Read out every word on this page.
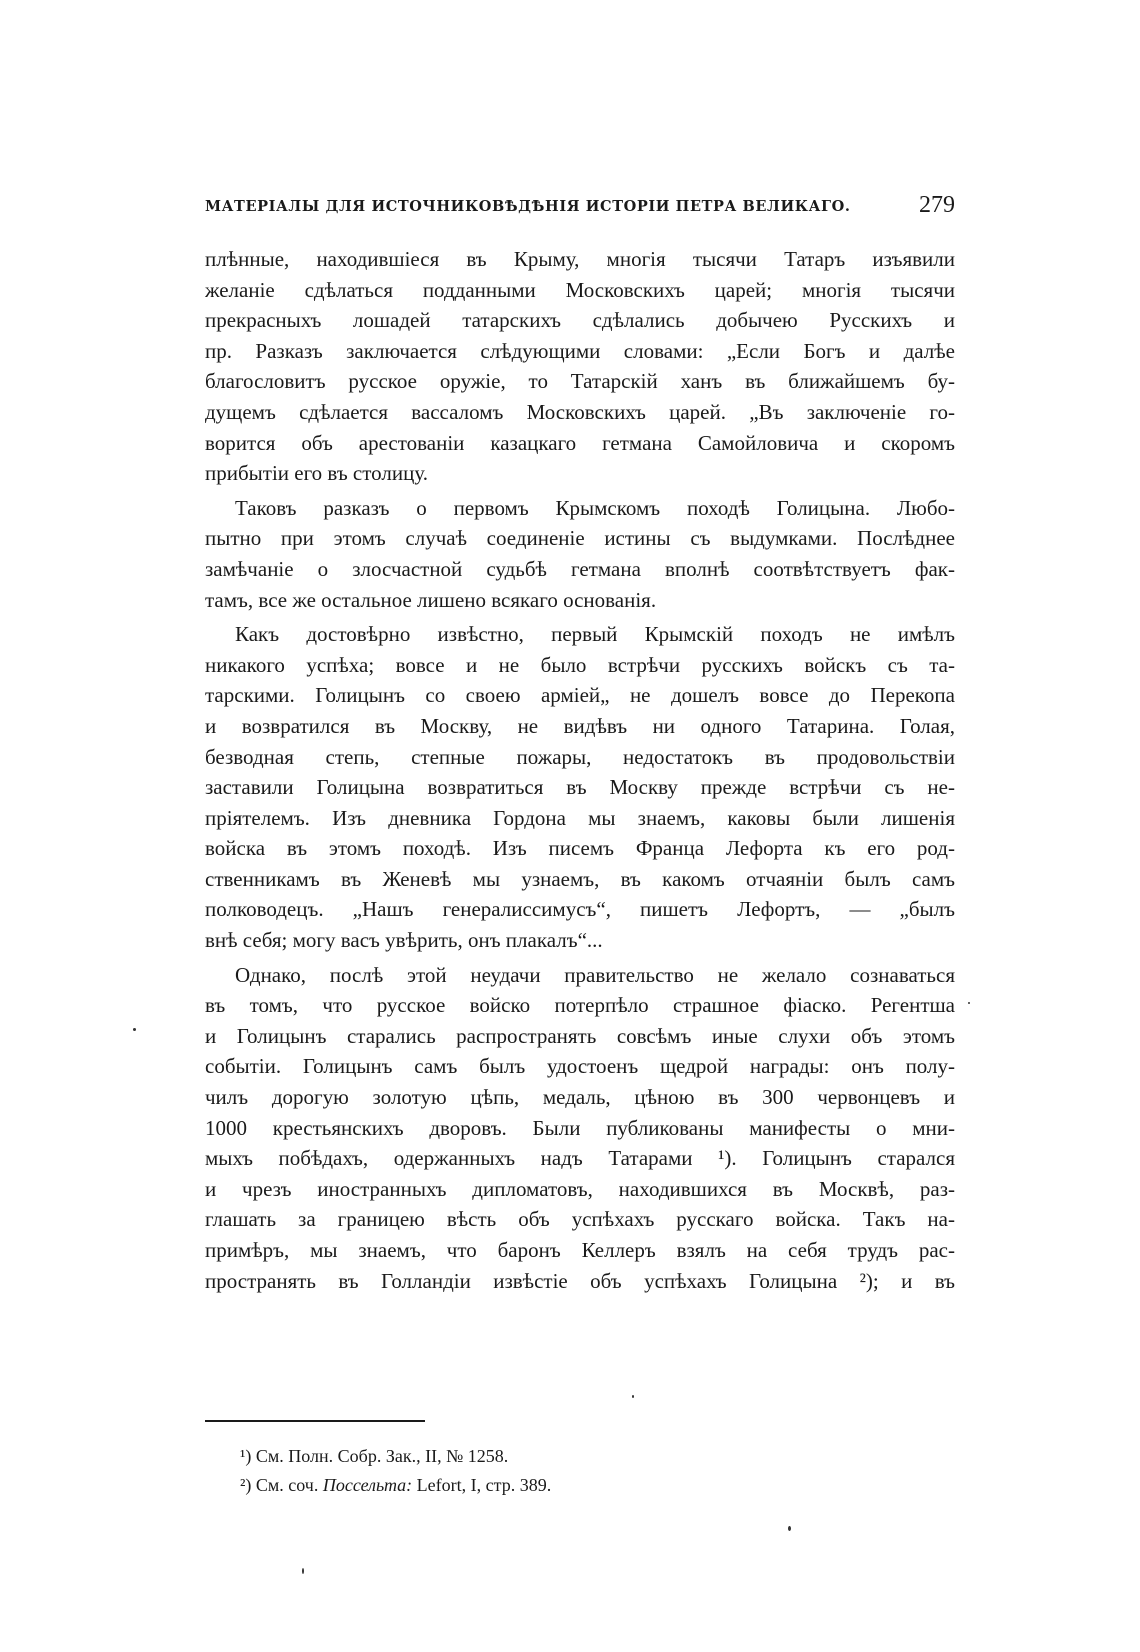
МАТЕРІАЛЫ ДЛЯ ИСТОЧНИКОВѢДѢНІЯ ИСТОРІИ ПЕТРА ВЕЛИКАГО.	279
плѣнные, находившіеся въ Крыму, многія тысячи Татаръ изъявили
желаніе сдѣлаться подданными Московскихъ царей; многія тысячи
прекрасныхъ лошадей татарскихъ сдѣлались добычею Русскихъ и
пр. Разказъ заключается слѣдующими словами: „Если Богъ и далѣе
благословитъ русское оружіе, то Татарскій ханъ въ ближайшемъ бу-
дущемъ сдѣлается вассаломъ Московскихъ царей. „Въ заключеніе го-
ворится объ арестованіи казацкаго гетмана Самойловича и скоромъ
прибытіи его въ столицу.
Таковъ разказъ о первомъ Крымскомъ походѣ Голицына. Любо-
пытно при этомъ случаѣ соединеніе истины съ выдумками. Послѣднее
замѣчаніе о злосчастной судьбѣ гетмана вполнѣ соотвѣтствуетъ фак-
тамъ, все же остальное лишено всякаго основанія.
Какъ достовѣрно извѣстно, первый Крымскій походъ не имѣлъ
никакого успѣха; вовсе и не было встрѣчи русскихъ войскъ съ та-
тарскими. Голицынъ со своею арміей„ не дошелъ вовсе до Перекопа
и возвратился въ Москву, не видѣвъ ни одного Татарина. Голая,
безводная степь, степные пожары, недостатокъ въ продовольствіи
заставили Голицына возвратиться въ Москву прежде встрѣчи съ не-
пріятелемъ. Изъ дневника Гордона мы знаемъ, каковы были лишенія
войска въ этомъ походѣ. Изъ писемъ Франца Лефорта къ его род-
ственникамъ въ Женевѣ мы узнаемъ, въ какомъ отчаяніи былъ самъ
полководецъ. „Нашъ генералиссимусъ“, пишетъ Лефортъ, — „былъ
внѣ себя; могу васъ увѣрить, онъ плакалъ“...
Однако, послѣ этой неудачи правительство не желало сознаваться
въ томъ, что русское войско потерпѣло страшное фіаско. Регентша
и Голицынъ старались распространять совсѣмъ иные слухи объ этомъ
событіи. Голицынъ самъ былъ удостоенъ щедрой награды: онъ полу-
чилъ дорогую золотую цѣпь, медаль, цѣною въ 300 червонцевъ и
1000 крестьянскихъ дворовъ. Были публикованы манифесты о мни-
мыхъ побѣдахъ, одержанныхъ надъ Татарами ¹). Голицынъ старался
и чрезъ иностранныхъ дипломатовъ, находившихся въ Москвѣ, раз-
глашать за границею вѣсть объ успѣхахъ русскаго войска. Такъ на-
примѣръ, мы знаемъ, что баронъ Келлеръ взялъ на себя трудъ рас-
пространять въ Голландіи извѣстіе объ успѣхахъ Голицына ²); и въ
¹) См. Полн. Собр. Зак., II, № 1258.
²) См. соч. Поссельта: Lefort, I, стр. 389.
